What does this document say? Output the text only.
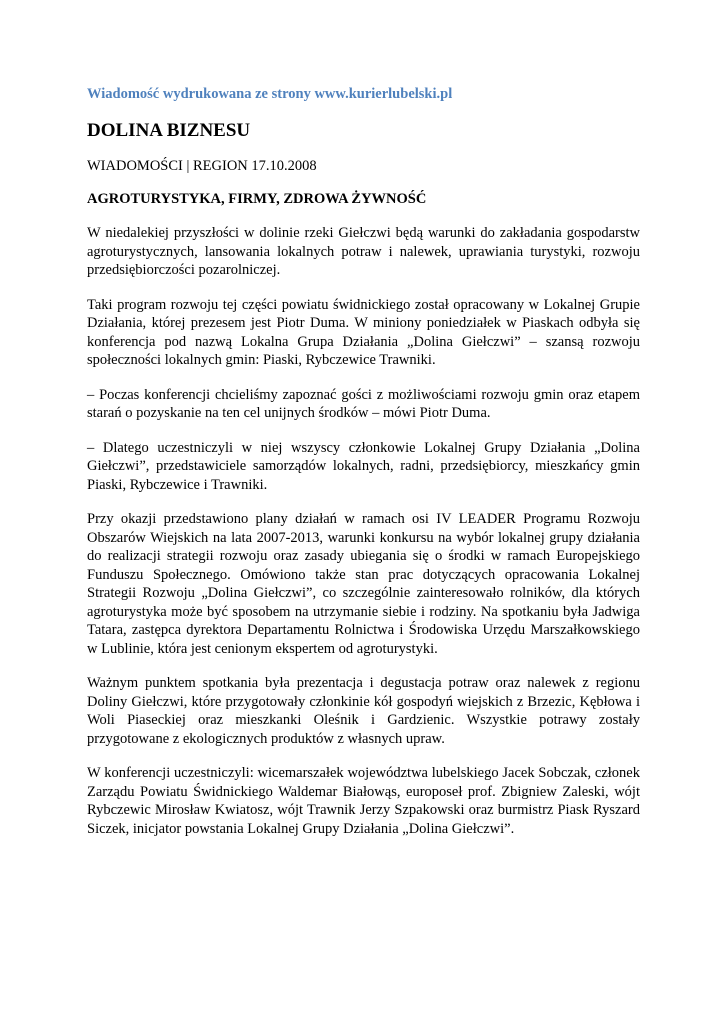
Wiadomość wydrukowana ze strony www.kurierlubelski.pl
DOLINA BIZNESU
WIADOMOŚCI | REGION 17.10.2008
AGROTURYSTYKA, FIRMY, ZDROWA ŻYWNOŚĆ

W niedalekiej przyszłości w dolinie rzeki Giełczwi będą warunki do zakładania gospodarstw agroturystycznych, lansowania lokalnych potraw i nalewek, uprawiania turystyki, rozwoju przedsiębiorczości pozarolniczej.

Taki program rozwoju tej części powiatu świdnickiego został opracowany w Lokalnej Grupie Działania, której prezesem jest Piotr Duma. W miniony poniedziałek w Piaskach odbyła się konferencja pod nazwą Lokalna Grupa Działania „Dolina Giełczwi” – szansą rozwoju społeczności lokalnych gmin: Piaski, Rybczewice Trawniki.

– Poczas konferencji chcieliśmy zapoznać gości z możliwościami rozwoju gmin oraz etapem starań o pozyskanie na ten cel unijnych środków – mówi Piotr Duma.

– Dlatego uczestniczyli w niej wszyscy członkowie Lokalnej Grupy Działania „Dolina Giełczwi”, przedstawiciele samorządów lokalnych, radni, przedsiębiorcy, mieszkańcy gmin Piaski, Rybczewice i Trawniki.

Przy okazji przedstawiono plany działań w ramach osi IV LEADER Programu Rozwoju Obszarów Wiejskich na lata 2007-2013, warunki konkursu na wybór lokalnej grupy działania do realizacji strategii rozwoju oraz zasady ubiegania się o środki w ramach Europejskiego Funduszu Społecznego. Omówiono także stan prac dotyczących opracowania Lokalnej Strategii Rozwoju „Dolina Giełczwi”, co szczególnie zainteresowało rolników, dla których agroturystyka może być sposobem na utrzymanie siebie i rodziny. Na spotkaniu była Jadwiga Tatara, zastępca dyrektora Departamentu Rolnictwa i Środowiska Urzędu Marszałkowskiego w Lublinie, która jest cenionym ekspertem od agroturystyki.

Ważnym punktem spotkania była prezentacja i degustacja potraw oraz nalewek z regionu Doliny Giełczwi, które przygotowały członkinie kół gospodyń wiejskich z Brzezic, Kębłowa i Woli Piaseckiej oraz mieszkanki Oleśnik i Gardzienic. Wszystkie potrawy zostały przygotowane z ekologicznych produktów z własnych upraw.

W konferencji uczestniczyli: wicemarszałek województwa lubelskiego Jacek Sobczak, członek Zarządu Powiatu Świdnickiego Waldemar Białowąs, europoseł prof. Zbigniew Zaleski, wójt Rybczewic Mirosław Kwiatosz, wójt Trawnik Jerzy Szpakowski oraz burmistrz Piask Ryszard Siczek, inicjator powstania Lokalnej Grupy Działania „Dolina Giełczwi”.
